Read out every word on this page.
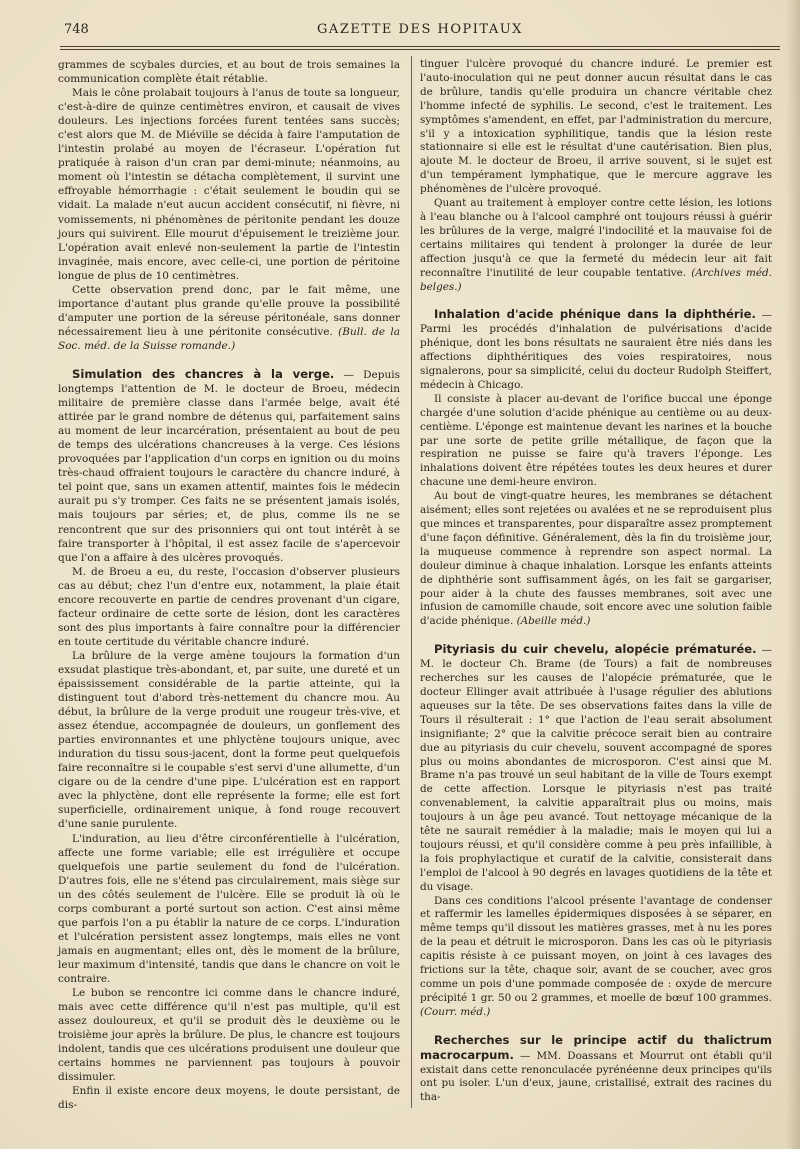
748	GAZETTE DES HOPITAUX

grammes de scybales durcies, et au bout de trois semaines la communication complète était rétablie.

Mais le cône prolabait toujours à l'anus de toute sa longueur, c'est-à-dire de quinze centimètres environ, et causait de vives douleurs. Les injections forcées furent tentées sans succès; c'est alors que M. de Miéville se décida à faire l'amputation de l'intestin prolabé au moyen de l'écraseur. L'opération fut pratiquée à raison d'un cran par demi-minute; néanmoins, au moment où l'intestin se détacha complètement, il survint une effroyable hémorrhagie : c'était seulement le boudin qui se vidait. La malade n'eut aucun accident consécutif, ni fièvre, ni vomissements, ni phénomènes de péritonite pendant les douze jours qui suivirent. Elle mourut d'épuisement le treizième jour. L'opération avait enlevé non-seulement la partie de l'intestin invaginée, mais encore, avec celle-ci, une portion de péritoine longue de plus de 10 centimètres.

Cette observation prend donc, par le fait même, une importance d'autant plus grande qu'elle prouve la possibilité d'amputer une portion de la séreuse péritonéale, sans donner nécessairement lieu à une péritonite consécutive. (Bull. de la Soc. méd. de la Suisse romande.)

Simulation des chancres à la verge. — Depuis longtemps l'attention de M. le docteur de Broeu, médecin militaire de première classe dans l'armée belge, avait été attirée par le grand nombre de détenus qui, parfaitement sains au moment de leur incarcération, présentaient au bout de peu de temps des ulcérations chancreuses à la verge. Ces lésions provoquées par l'application d'un corps en ignition ou du moins très-chaud offraient toujours le caractère du chancre induré, à tel point que, sans un examen attentif, maintes fois le médecin aurait pu s'y tromper. Ces faits ne se présentent jamais isolés, mais toujours par séries; et, de plus, comme ils ne se rencontrent que sur des prisonniers qui ont tout intérêt à se faire transporter à l'hôpital, il est assez facile de s'apercevoir que l'on a affaire à des ulcères provoqués.

M. de Broeu a eu, du reste, l'occasion d'observer plusieurs cas au début; chez l'un d'entre eux, notamment, la plaie était encore recouverte en partie de cendres provenant d'un cigare, facteur ordinaire de cette sorte de lésion, dont les caractères sont des plus importants à faire connaître pour la différencier en toute certitude du véritable chancre induré.

La brûlure de la verge amène toujours la formation d'un exsudat plastique très-abondant, et, par suite, une dureté et un épaississement considérable de la partie atteinte, qui la distinguent tout d'abord très-nettement du chancre mou. Au début, la brûlure de la verge produit une rougeur très-vive, et assez étendue, accompagnée de douleurs, un gonflement des parties environnantes et une phlyctène toujours unique, avec induration du tissu sous-jacent, dont la forme peut quelquefois faire reconnaître si le coupable s'est servi d'une allumette, d'un cigare ou de la cendre d'une pipe. L'ulcération est en rapport avec la phlyctène, dont elle représente la forme; elle est fort superficielle, ordinairement unique, à fond rouge recouvert d'une sanie purulente.

L'induration, au lieu d'être circonférentielle à l'ulcération, affecte une forme variable; elle est irrégulière et occupe quelquefois une partie seulement du fond de l'ulcération. D'autres fois, elle ne s'étend pas circulairement, mais siège sur un des côtés seulement de l'ulcère. Elle se produit là où le corps comburant a porté surtout son action. C'est ainsi même que parfois l'on a pu établir la nature de ce corps. L'induration et l'ulcération persistent assez longtemps, mais elles ne vont jamais en augmentant; elles ont, dès le moment de la brûlure, leur maximum d'intensité, tandis que dans le chancre on voit le contraire.

Le bubon se rencontre ici comme dans le chancre induré, mais avec cette différence qu'il n'est pas multiple, qu'il est assez douloureux, et qu'il se produit dès le deuxième ou le troisième jour après la brûlure. De plus, le chancre est toujours indolent, tandis que ces ulcérations produisent une douleur que certains hommes ne parviennent pas toujours à pouvoir dissimuler.

Enfin il existe encore deux moyens, le doute persistant, de dis-

tinguer l'ulcère provoqué du chancre induré. Le premier est l'auto-inoculation qui ne peut donner aucun résultat dans le cas de brûlure, tandis qu'elle produira un chancre véritable chez l'homme infecté de syphilis. Le second, c'est le traitement. Les symptômes s'amendent, en effet, par l'administration du mercure, s'il y a intoxication syphilitique, tandis que la lésion reste stationnaire si elle est le résultat d'une cautérisation. Bien plus, ajoute M. le docteur de Broeu, il arrive souvent, si le sujet est d'un tempérament lymphatique, que le mercure aggrave les phénomènes de l'ulcère provoqué.

Quant au traitement à employer contre cette lésion, les lotions à l'eau blanche ou à l'alcool camphré ont toujours réussi à guérir les brûlures de la verge, malgré l'indocilité et la mauvaise foi de certains militaires qui tendent à prolonger la durée de leur affection jusqu'à ce que la fermeté du médecin leur ait fait reconnaître l'inutilité de leur coupable tentative. (Archives méd. belges.)

Inhalation d'acide phénique dans la diphthérie. — Parmi les procédés d'inhalation de pulvérisations d'acide phénique, dont les bons résultats ne sauraient être niés dans les affections diphthéritiques des voies respiratoires, nous signalerons, pour sa simplicité, celui du docteur Rudolph Steiffert, médecin à Chicago.

Il consiste à placer au-devant de l'orifice buccal une éponge chargée d'une solution d'acide phénique au centième ou au deux-centième. L'éponge est maintenue devant les narines et la bouche par une sorte de petite grille métallique, de façon que la respiration ne puisse se faire qu'à travers l'éponge. Les inhalations doivent être répétées toutes les deux heures et durer chacune une demi-heure environ.

Au bout de vingt-quatre heures, les membranes se détachent aisément; elles sont rejetées ou avalées et ne se reproduisent plus que minces et transparentes, pour disparaître assez promptement d'une façon définitive. Généralement, dès la fin du troisième jour, la muqueuse commence à reprendre son aspect normal. La douleur diminue à chaque inhalation. Lorsque les enfants atteints de diphthérie sont suffisamment âgés, on les fait se gargariser, pour aider à la chute des fausses membranes, soit avec une infusion de camomille chaude, soit encore avec une solution faible d'acide phénique. (Abeille méd.)

Pityriasis du cuir chevelu, alopécie prématurée. — M. le docteur Ch. Brame (de Tours) a fait de nombreuses recherches sur les causes de l'alopécie prématurée, que le docteur Ellinger avait attribuée à l'usage régulier des ablutions aqueuses sur la tête. De ses observations faites dans la ville de Tours il résulterait : 1° que l'action de l'eau serait absolument insignifiante; 2° que la calvitie précoce serait bien au contraire due au pityriasis du cuir chevelu, souvent accompagné de spores plus ou moins abondantes de microsporon. C'est ainsi que M. Brame n'a pas trouvé un seul habitant de la ville de Tours exempt de cette affection. Lorsque le pityriasis n'est pas traité convenablement, la calvitie apparaîtrait plus ou moins, mais toujours à un âge peu avancé. Tout nettoyage mécanique de la tête ne saurait remédier à la maladie; mais le moyen qui lui a toujours réussi, et qu'il considère comme à peu près infaillible, à la fois prophylactique et curatif de la calvitie, consisterait dans l'emploi de l'alcool à 90 degrés en lavages quotidiens de la tête et du visage.

Dans ces conditions l'alcool présente l'avantage de condenser et raffermir les lamelles épidermiques disposées à se séparer, en même temps qu'il dissout les matières grasses, met à nu les pores de la peau et détruit le microsporon. Dans les cas où le pityriasis capitis résiste à ce puissant moyen, on joint à ces lavages des frictions sur la tête, chaque soir, avant de se coucher, avec gros comme un pois d'une pommade composée de : oxyde de mercure précipité 1 gr. 50 ou 2 grammes, et moelle de bœuf 100 grammes. (Courr. méd.)

Recherches sur le principe actif du thalictrum macrocarpum. — MM. Doassans et Mourrut ont établi qu'il existait dans cette renonculacée pyrénéenne deux principes qu'ils ont pu isoler. L'un d'eux, jaune, cristallisé, extrait des racines du tha-
